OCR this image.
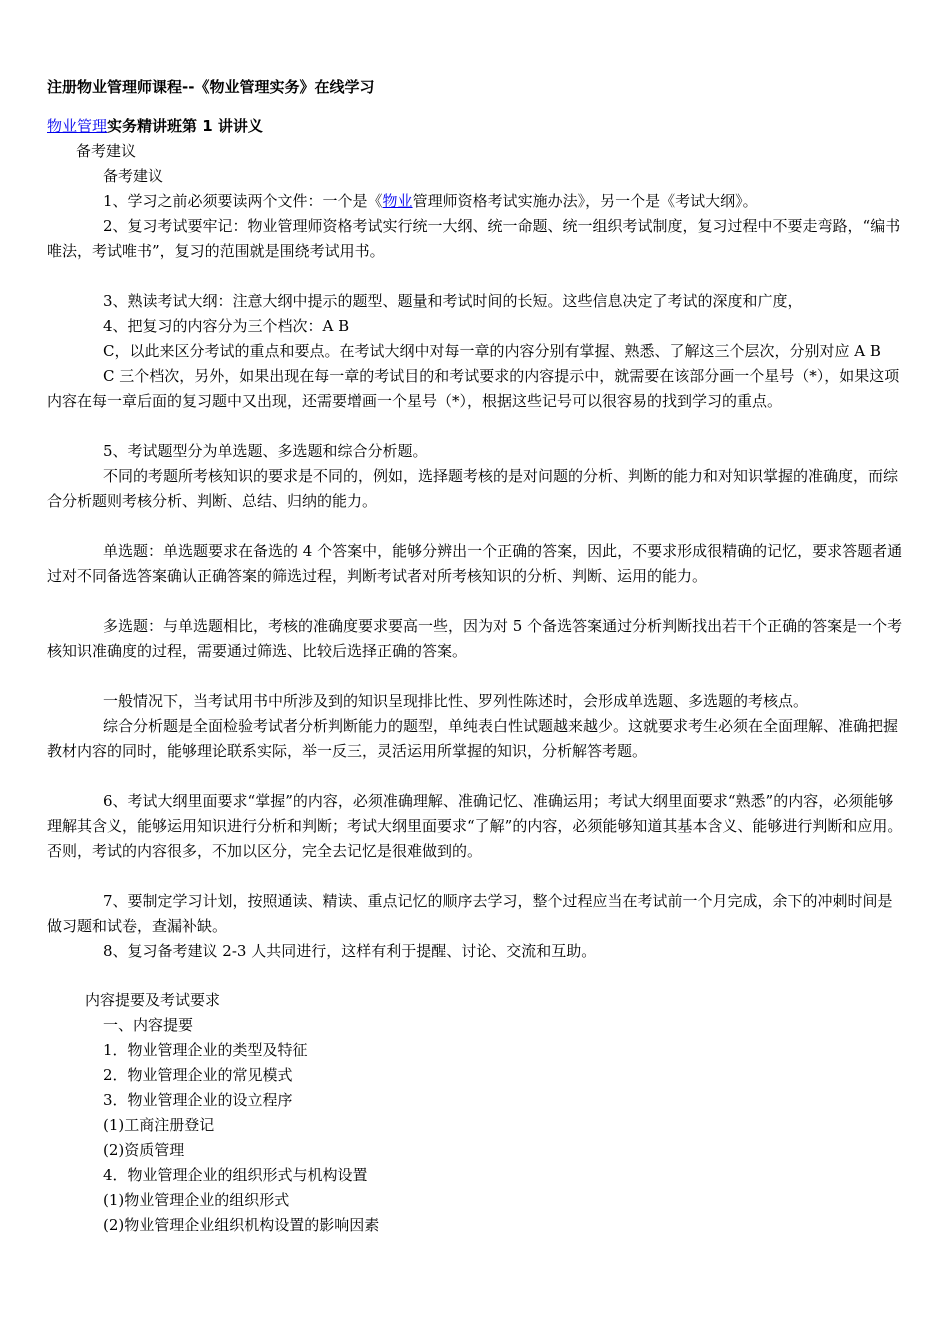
注册物业管理师课程--《物业管理实务》在线学习
物业管理实务精讲班第 1 讲讲义

备考建议

备考建议

1、学习之前必须要读两个文件：一个是《物业管理师资格考试实施办法》，另一个是《考试大纲》。

2、复习考试要牢记：物业管理师资格考试实行统一大纲、统一命题、统一组织考试制度，复习过程中不要走弯路，“编书唯法，考试唯书”，复习的范围就是围绕考试用书。

3、熟读考试大纲：注意大纲中提示的题型、题量和考试时间的长短。这些信息决定了考试的深度和广度，

4、把复习的内容分为三个档次：A B

C，以此来区分考试的重点和要点。在考试大纲中对每一章的内容分别有掌握、熟悉、了解这三个层次，分别对应 A B

C 三个档次，另外，如果出现在每一章的考试目的和考试要求的内容提示中，就需要在该部分画一个星号（*），如果这项内容在每一章后面的复习题中又出现，还需要增画一个星号（*），根据这些记号可以很容易的找到学习的重点。

5、考试题型分为单选题、多选题和综合分析题。

不同的考题所考核知识的要求是不同的，例如，选择题考核的是对问题的分析、判断的能力和对知识掌握的准确度，而综合分析题则考核分析、判断、总结、归纳的能力。

单选题：单选题要求在备选的 4 个答案中，能够分辨出一个正确的答案，因此，不要求形成很精确的记忆，要求答题者通过对不同备选答案确认正确答案的筛选过程，判断考试者对所考核知识的分析、判断、运用的能力。

多选题：与单选题相比，考核的准确度要求要高一些，因为对 5 个备选答案通过分析判断找出若干个正确的答案是一个考核知识准确度的过程，需要通过筛选、比较后选择正确的答案。

一般情况下，当考试用书中所涉及到的知识呈现排比性、罗列性陈述时，会形成单选题、多选题的考核点。

综合分析题是全面检验考试者分析判断能力的题型，单纯表白性试题越来越少。这就要求考生必须在全面理解、准确把握教材内容的同时，能够理论联系实际，举一反三，灵活运用所掌握的知识，分析解答考题。

6、考试大纲里面要求“掌握”的内容，必须准确理解、准确记忆、准确运用；考试大纲里面要求“熟悉”的内容，必须能够理解其含义，能够运用知识进行分析和判断；考试大纲里面要求“了解”的内容，必须能够知道其基本含义、能够进行判断和应用。否则，考试的内容很多，不加以区分，完全去记忆是很难做到的。

7、要制定学习计划，按照通读、精读、重点记忆的顺序去学习，整个过程应当在考试前一个月完成，余下的冲刺时间是做习题和试卷，查漏补缺。

8、复习备考建议 2-3 人共同进行，这样有利于提醒、讨论、交流和互助。

内容提要及考试要求

一、内容提要

1．物业管理企业的类型及特征

2．物业管理企业的常见模式

3．物业管理企业的设立程序

(1)工商注册登记

(2)资质管理

4．物业管理企业的组织形式与机构设置

(1)物业管理企业的组织形式

(2)物业管理企业组织机构设置的影响因素
